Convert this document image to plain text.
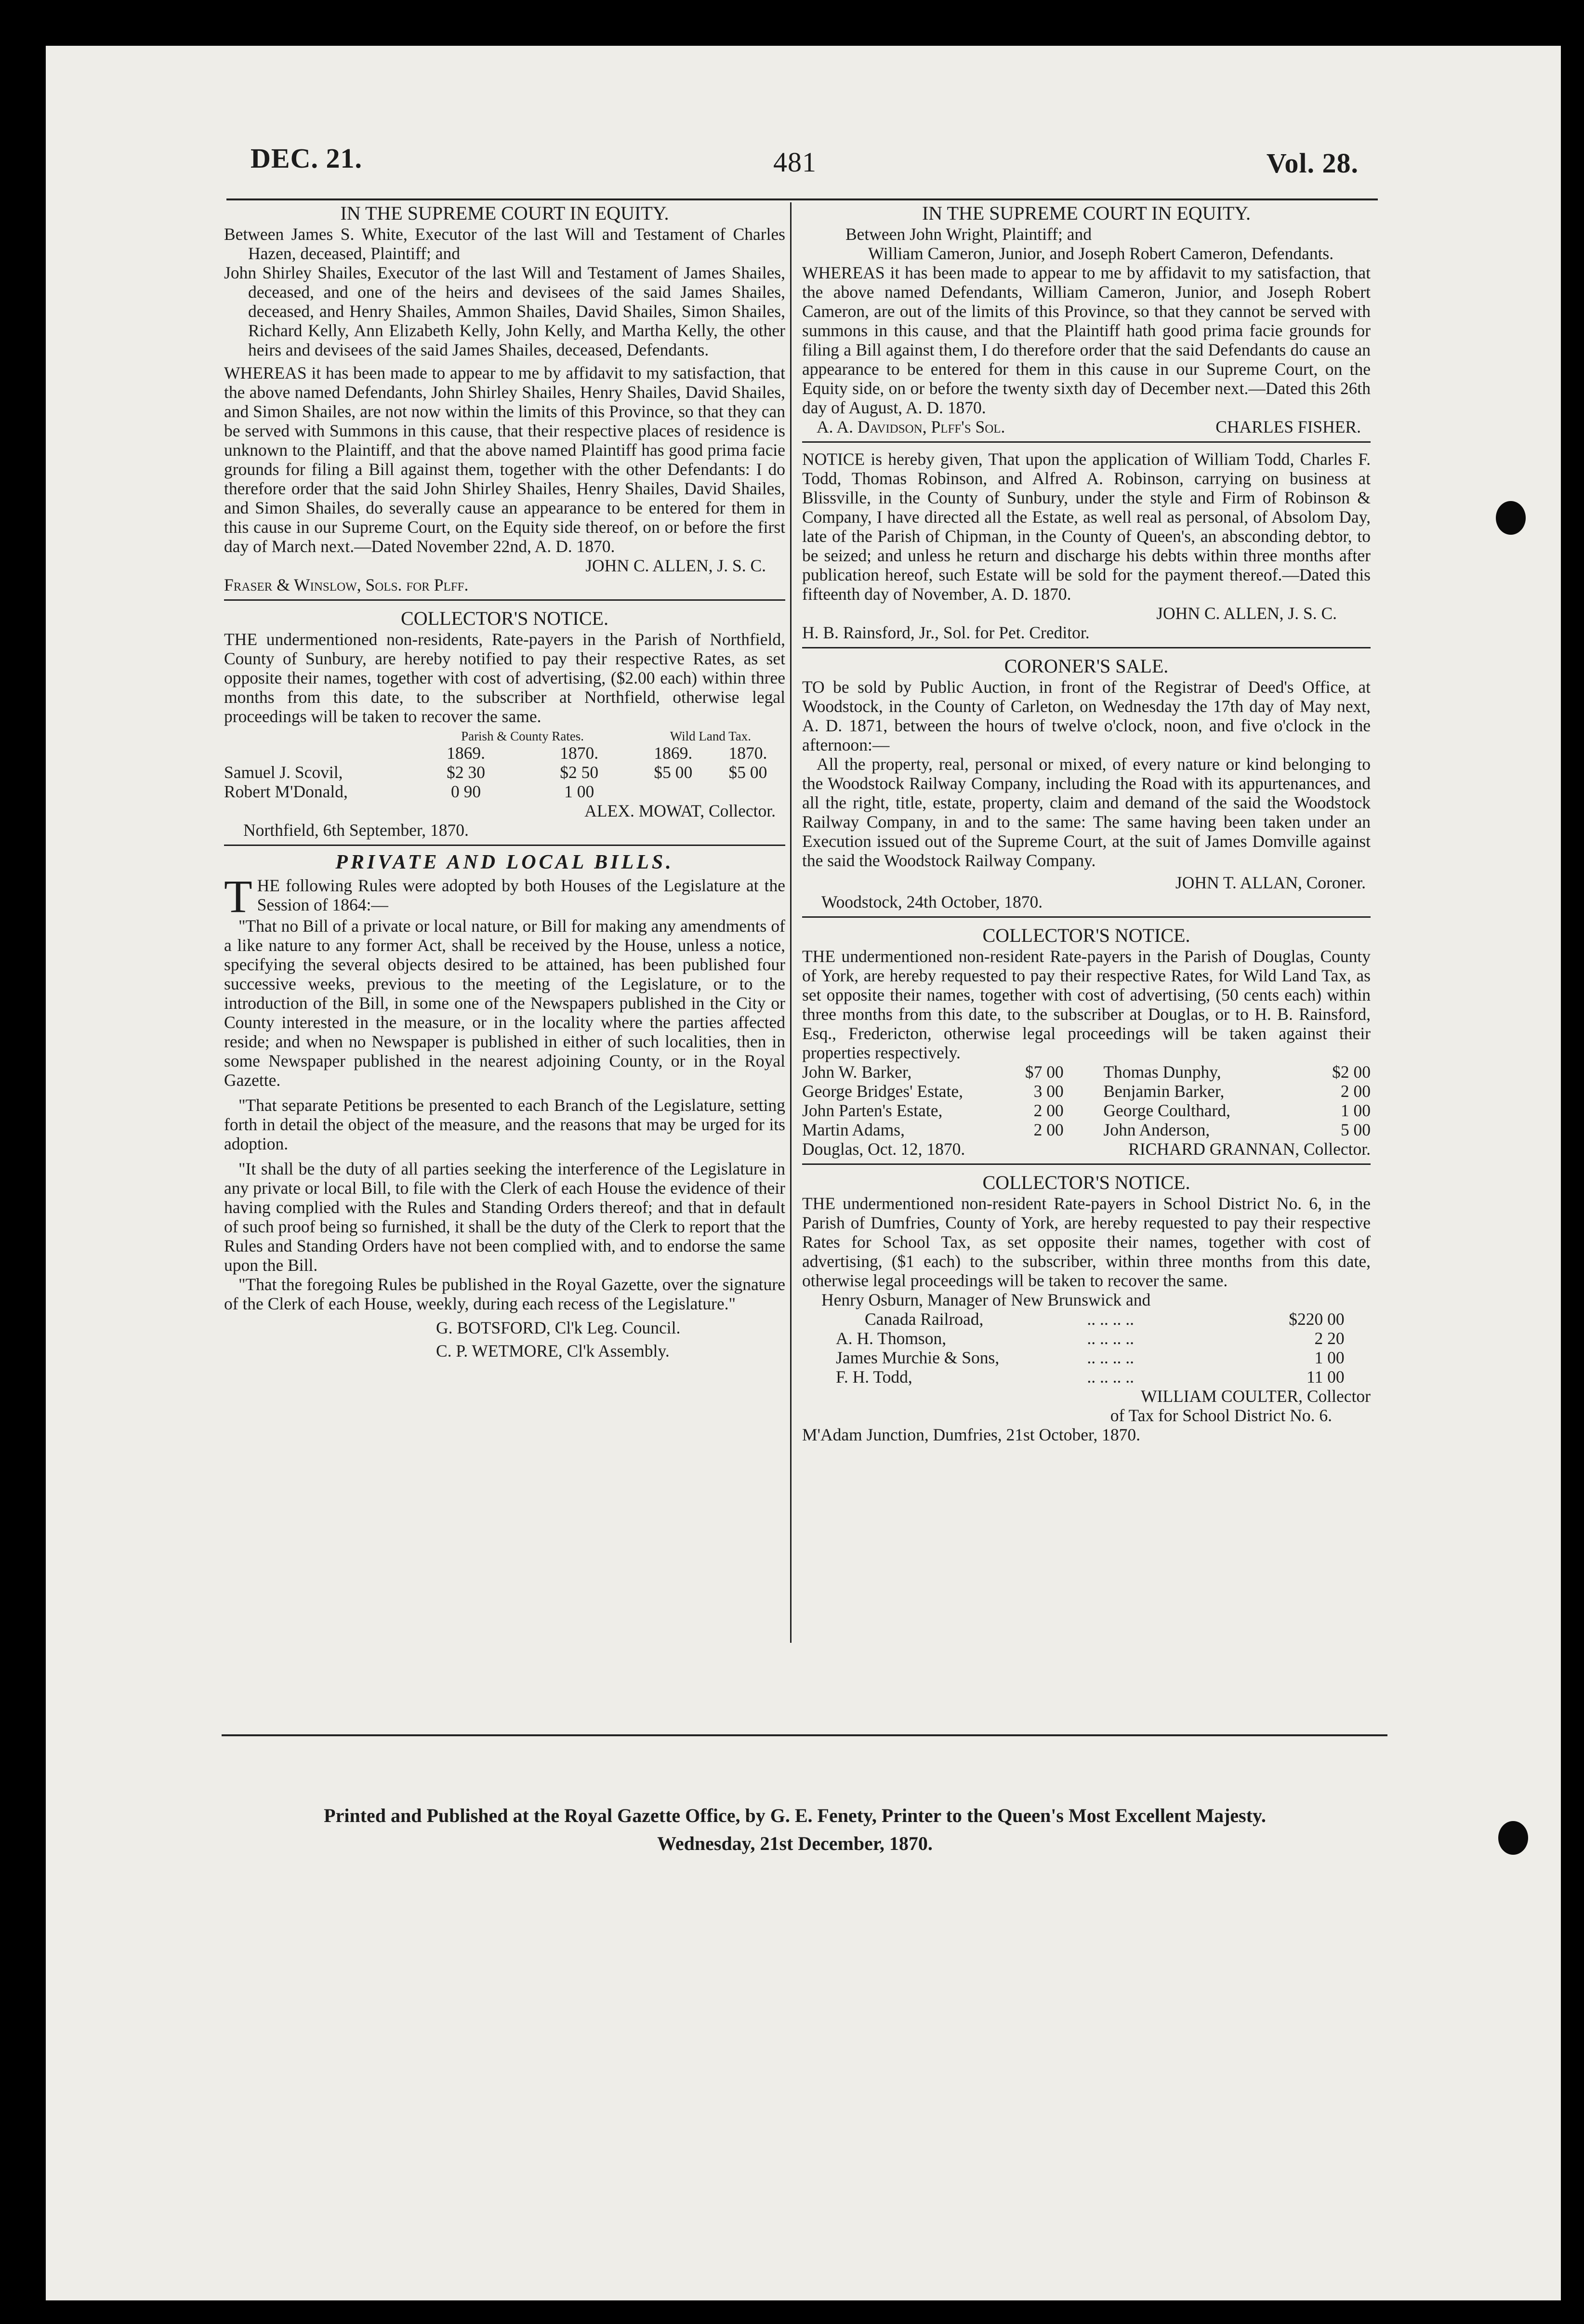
DEC. 21.	481	Vol. 28.

IN THE SUPREME COURT IN EQUITY.

Between James S. White, Executor of the last Will and Testament of Charles Hazen, deceased, Plaintiff; and

John Shirley Shailes, Executor of the last Will and Testament of James Shailes, deceased, and one of the heirs and devisees of the said James Shailes, deceased, and Henry Shailes, Ammon Shailes, David Shailes, Simon Shailes, Richard Kelly, Ann Elizabeth Kelly, John Kelly, and Martha Kelly, the other heirs and devisees of the said James Shailes, deceased, Defendants.

WHEREAS it has been made to appear to me by affidavit to my satisfaction, that the above named Defendants, John Shirley Shailes, Henry Shailes, David Shailes, and Simon Shailes, are not now within the limits of this Province, so that they can be served with Summons in this cause, that their respective places of residence is unknown to the Plaintiff, and that the above named Plaintiff has good prima facie grounds for filing a Bill against them, together with the other Defendants: I do therefore order that the said John Shirley Shailes, Henry Shailes, David Shailes, and Simon Shailes, do severally cause an appearance to be entered for them in this cause in our Supreme Court, on the Equity side thereof, on or before the first day of March next.—Dated November 22nd, A. D. 1870.

JOHN C. ALLEN, J. S. C.

Fraser & Winslow, Sols. for Plff.

COLLECTOR'S NOTICE.

THE undermentioned non-residents, Rate-payers in the Parish of Northfield, County of Sunbury, are hereby notified to pay their respective Rates, as set opposite their names, together with cost of advertising, ($2.00 each) within three months from this date, to the subscriber at Northfield, otherwise legal proceedings will be taken to recover the same.

	Parish & County Rates.		Wild Land Tax.	
	1869.	1870.	1869.	1870.
Samuel J. Scovil,	$2 30	$2 50	$5 00	$5 00
Robert M'Donald,	0 90	1 00		

ALEX. MOWAT, Collector.

Northfield, 6th September, 1870.

PRIVATE AND LOCAL BILLS.

THE following Rules were adopted by both Houses of the Legislature at the Session of 1864:—

"That no Bill of a private or local nature, or Bill for making any amendments of a like nature to any former Act, shall be received by the House, unless a notice, specifying the several objects desired to be attained, has been published four successive weeks, previous to the meeting of the Legislature, or to the introduction of the Bill, in some one of the Newspapers published in the City or County interested in the measure, or in the locality where the parties affected reside; and when no Newspaper is published in either of such localities, then in some Newspaper published in the nearest adjoining County, or in the Royal Gazette.

"That separate Petitions be presented to each Branch of the Legislature, setting forth in detail the object of the measure, and the reasons that may be urged for its adoption.

"It shall be the duty of all parties seeking the interference of the Legislature in any private or local Bill, to file with the Clerk of each House the evidence of their having complied with the Rules and Standing Orders thereof; and that in default of such proof being so furnished, it shall be the duty of the Clerk to report that the Rules and Standing Orders have not been complied with, and to endorse the same upon the Bill.

"That the foregoing Rules be published in the Royal Gazette, over the signature of the Clerk of each House, weekly, during each recess of the Legislature."

G. BOTSFORD, Cl'k Leg. Council.

C. P. WETMORE, Cl'k Assembly.

IN THE SUPREME COURT IN EQUITY.

Between John Wright, Plaintiff; and

William Cameron, Junior, and Joseph Robert Cameron, Defendants.

WHEREAS it has been made to appear to me by affidavit to my satisfaction, that the above named Defendants, William Cameron, Junior, and Joseph Robert Cameron, are out of the limits of this Province, so that they cannot be served with summons in this cause, and that the Plaintiff hath good prima facie grounds for filing a Bill against them, I do therefore order that the said Defendants do cause an appearance to be entered for them in this cause in our Supreme Court, on the Equity side, on or before the twenty sixth day of December next.—Dated this 26th day of August, A. D. 1870.

A. A. Davidson, Plff's Sol.	CHARLES FISHER.

NOTICE is hereby given, That upon the application of William Todd, Charles F. Todd, Thomas Robinson, and Alfred A. Robinson, carrying on business at Blissville, in the County of Sunbury, under the style and Firm of Robinson & Company, I have directed all the Estate, as well real as personal, of Absolom Day, late of the Parish of Chipman, in the County of Queen's, an absconding debtor, to be seized; and unless he return and discharge his debts within three months after publication hereof, such Estate will be sold for the payment thereof.—Dated this fifteenth day of November, A. D. 1870.

JOHN C. ALLEN, J. S. C.

H. B. Rainsford, Jr., Sol. for Pet. Creditor.

CORONER'S SALE.

TO be sold by Public Auction, in front of the Registrar of Deed's Office, at Woodstock, in the County of Carleton, on Wednesday the 17th day of May next, A. D. 1871, between the hours of twelve o'clock, noon, and five o'clock in the afternoon:—

All the property, real, personal or mixed, of every nature or kind belonging to the Woodstock Railway Company, including the Road with its appurtenances, and all the right, title, estate, property, claim and demand of the said the Woodstock Railway Company, in and to the same: The same having been taken under an Execution issued out of the Supreme Court, at the suit of James Domville against the said the Woodstock Railway Company.

JOHN T. ALLAN, Coroner.

Woodstock, 24th October, 1870.

COLLECTOR'S NOTICE.

THE undermentioned non-resident Rate-payers in the Parish of Douglas, County of York, are hereby requested to pay their respective Rates, for Wild Land Tax, as set opposite their names, together with cost of advertising, (50 cents each) within three months from this date, to the subscriber at Douglas, or to H. B. Rainsford, Esq., Fredericton, otherwise legal proceedings will be taken against their properties respectively.

John W. Barker,	$7 00		Thomas Dunphy,	$2 00
George Bridges' Estate,	3 00		Benjamin Barker,	2 00
John Parten's Estate,	2 00		George Coulthard,	1 00
Martin Adams,	2 00		John Anderson,	5 00
Douglas, Oct. 12, 1870.	RICHARD GRANNAN, Collector.

COLLECTOR'S NOTICE.

THE undermentioned non-resident Rate-payers in School District No. 6, in the Parish of Dumfries, County of York, are hereby requested to pay their respective Rates for School Tax, as set opposite their names, together with cost of advertising, ($1 each) to the subscriber, within three months from this date, otherwise legal proceedings will be taken to recover the same.

Henry Osburn, Manager of New Brunswick and		
Canada Railroad,	.. .. .. ..	$220 00
A. H. Thomson,	.. .. .. ..	2 20
James Murchie & Sons,	.. .. .. ..	1 00
F. H. Todd,	.. .. .. ..	11 00

WILLIAM COULTER, Collector

of Tax for School District No. 6.

M'Adam Junction, Dumfries, 21st October, 1870.

Printed and Published at the Royal Gazette Office, by G. E. Fenety, Printer to the Queen's Most Excellent Majesty.
Wednesday, 21st December, 1870.
